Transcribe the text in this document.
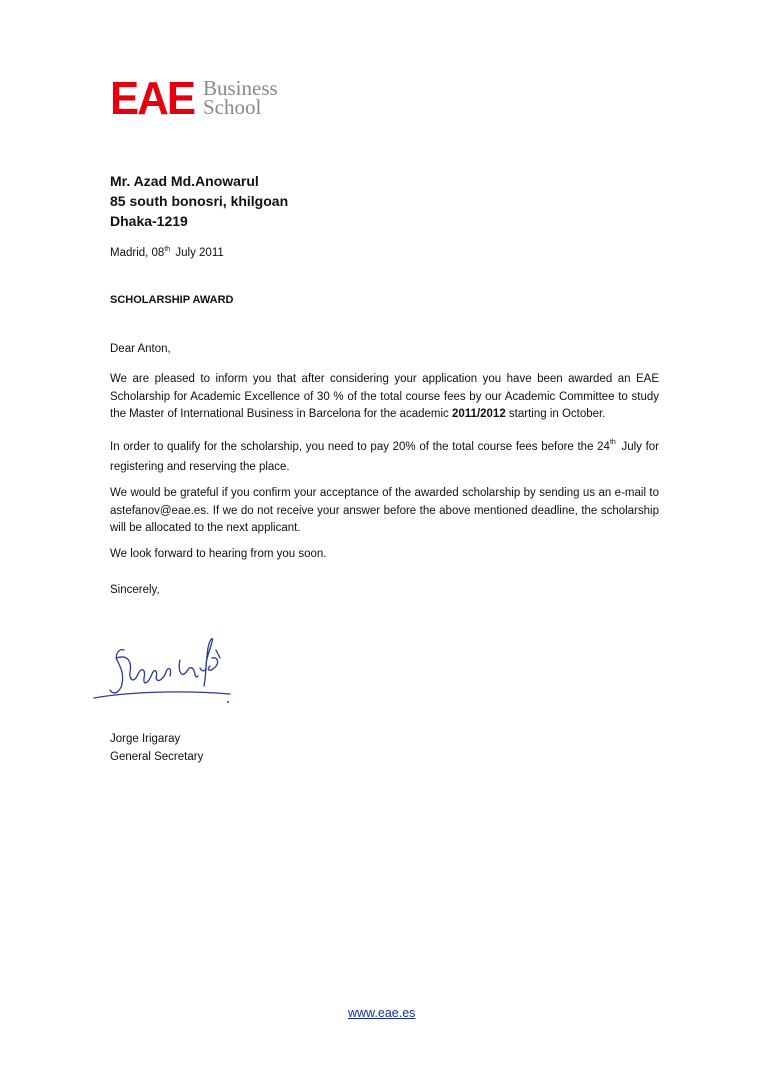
EAE Business
School
Mr. Azad Md.Anowarul
85 south bonosri, khilgoan
Dhaka-1219
Madrid, 08th July 2011
SCHOLARSHIP AWARD
Dear Anton,
We are pleased to inform you that after considering your application you have been awarded an EAE Scholarship for Academic Excellence of 30 % of the total course fees by our Academic Committee to study the Master of International Business in Barcelona for the academic 2011/2012 starting in October.
In order to qualify for the scholarship, you need to pay 20% of the total course fees before the 24th July for registering and reserving the place.
We would be grateful if you confirm your acceptance of the awarded scholarship by sending us an e-mail to astefanov@eae.es. If we do not receive your answer before the above mentioned deadline, the scholarship will be allocated to the next applicant.
We look forward to hearing from you soon.
Sincerely,
Jorge Irigaray
General Secretary
www.eae.es
